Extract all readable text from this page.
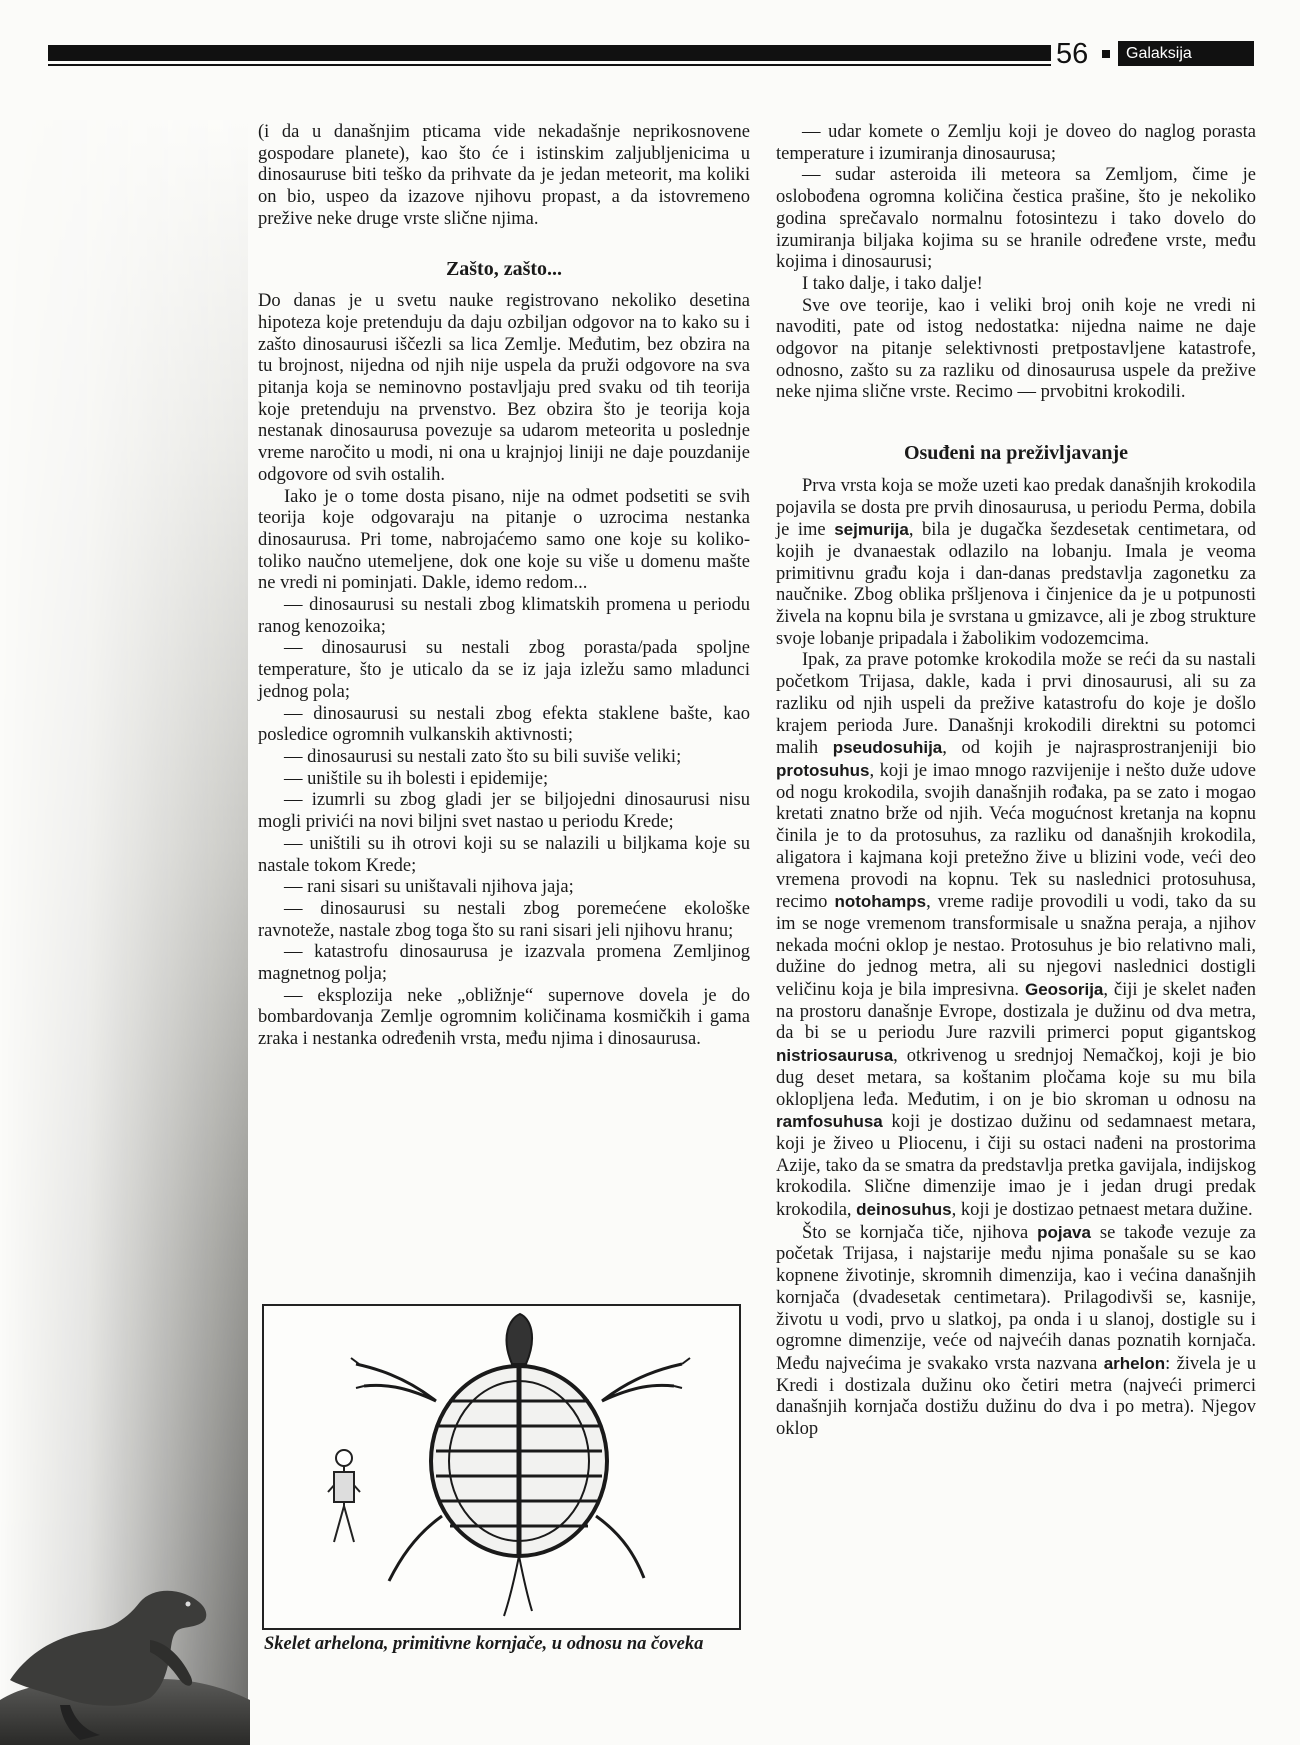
56	Galaksija

(i da u današnjim pticama vide nekadašnje neprikosnovene gospodare planete), kao što će i istinskim zaljubljenicima u dinosauruse biti teško da prihvate da je jedan meteorit, ma koliki on bio, uspeo da izazove njihovu propast, a da istovremeno preživе neke druge vrste slične njima.

Zašto, zašto...

Do danas je u svetu nauke registrovano nekoliko desetina hipoteza koje pretenduju da daju ozbiljan odgovor na to kako su i zašto dinosaurusi iščezli sa lica Zemlje. Međutim, bez obzira na tu brojnost, nijedna od njih nije uspela da pruži odgovore na sva pitanja koja se neminovno postavljaju pred svaku od tih teorija koje pretenduju na prvenstvo. Bez obzira što je teorija koja nestanak dinosaurusa povezuje sa udarom meteorita u poslednje vreme naročito u modi, ni ona u krajnjoj liniji ne daje pouzdanije odgovore od svih ostalih.

Iako je o tome dosta pisano, nije na odmet podsetiti se svih teorija koje odgovaraju na pitanje o uzrocima nestanka dinosaurusa. Pri tome, nabrojaćemo samo one koje su koliko-toliko naučno utemeljene, dok one koje su više u domenu mašte ne vredi ni pominjati. Dakle, idemo redom...

— dinosaurusi su nestali zbog klimatskih promena u periodu ranog kenozoika;

— dinosaurusi su nestali zbog porasta/pada spoljne temperature, što je uticalo da se iz jaja izležu samo mladunci jednog pola;

— dinosaurusi su nestali zbog efekta staklene bašte, kao posledice ogromnih vulkanskih aktivnosti;

— dinosaurusi su nestali zato što su bili suviše veliki;

— uništile su ih bolesti i epidemije;

— izumrli su zbog gladi jer se biljojedni dinosaurusi nisu mogli privići na novi biljni svet nastao u periodu Krede;

— uništili su ih otrovi koji su se nalazili u biljkama koje su nastale tokom Krede;

— rani sisari su uništavali njihova jaja;

— dinosaurusi su nestali zbog poremećene ekološke ravnoteže, nastale zbog toga što su rani sisari jeli njihovu hranu;

— katastrofu dinosaurusa je izazvala promena Zemljinog magnetnog polja;

— eksplozija neke „obližnje“ supernove dovela je do bombardovanja Zemlje ogromnim količinama kosmičkih i gama zraka i nestanka određenih vrsta, među njima i dinosaurusa.

Skelet arhelona, primitivne kornjače, u odnosu na čoveka

— udar komete o Zemlju koji je doveo do naglog porasta temperature i izumiranja dinosaurusa;

— sudar asteroida ili meteora sa Zemljom, čime je oslobođena ogromna količina čestica prašine, što je nekoliko godina sprečavalo normalnu fotosintezu i tako dovelo do izumiranja biljaka kojima su se hranile određene vrste, među kojima i dinosaurusi;

I tako dalje, i tako dalje!

Sve ove teorije, kao i veliki broj onih koje ne vredi ni navoditi, pate od istog nedostatka: nijedna naime ne daje odgovor na pitanje selektivnosti pretpostavljene katastrofe, odnosno, zašto su za razliku od dinosaurusa uspele da preživе neke njima slične vrste. Recimo — prvobitni krokodili.

Osuđeni na preživljavanje

Prva vrsta koja se može uzeti kao predak današnjih krokodila pojavila se dosta pre prvih dinosaurusa, u periodu Perma, dobila je ime sejmurija, bila je dugačka šezdesetak centimetara, od kojih je dvanaestak odlazilo na lobanju. Imala je veoma primitivnu građu koja i dan-danas predstavlja zagonetku za naučnike. Zbog oblika pršljenova i činjenice da je u potpunosti živela na kopnu bila je svrstana u gmizavce, ali je zbog strukture svoje lobanje pripadala i žabolikim vodozemcima.

Ipak, za prave potomke krokodila može se reći da su nastali početkom Trijasa, dakle, kada i prvi dinosaurusi, ali su za razliku od njih uspeli da prežive katastrofu do koje je došlo krajem perioda Jure. Današnji krokodili direktni su potomci malih pseudosuhija, od kojih je najrasprostranjeniji bio protosuhus, koji je imao mnogo razvijenije i nešto duže udove od nogu krokodila, svojih današnjih rođaka, pa se zato i mogao kretati znatno brže od njih. Veća mogućnost kretanja na kopnu činila je to da protosuhus, za razliku od današnjih krokodila, aligatora i kajmana koji pretežno žive u blizini vode, veći deo vremena provodi na kopnu. Tek su naslednici protosuhusa, recimo notohamps, vreme radije provodili u vodi, tako da su im se noge vremenom transformisale u snažna peraja, a njihov nekada moćni oklop je nestao. Protosuhus je bio relativno mali, dužine do jednog metra, ali su njegovi naslednici dostigli veličinu koja je bila impresivna. Geosorija, čiji je skelet nađen na prostoru današnje Evrope, dostizala je dužinu od dva metra, da bi se u periodu Jure razvili primerci poput gigantskog nistriosaurusa, otkrivenog u srednjoj Nemačkoj, koji je bio dug deset metara, sa koštanim pločama koje su mu bila oklopljena leđa. Međutim, i on je bio skroman u odnosu na ramfosuhusa koji je dostizao dužinu od sedamnaest metara, koji je živeo u Pliocenu, i čiji su ostaci nađeni na prostorima Azije, tako da se smatra da predstavlja pretka gavijala, indijskog krokodila. Slične dimenzije imao je i jedan drugi predak krokodila, deinosuhus, koji je dostizao petnaest metara dužine.

Što se kornjača tiče, njihova pojava se takođe vezuje za početak Trijasa, i najstarije među njima ponašale su se kao kopnene životinje, skromnih dimenzija, kao i većina današnjih kornjača (dvadesetak centimetara). Prilagodivši se, kasnije, životu u vodi, prvo u slatkoj, pa onda i u slanoj, dostigle su i ogromne dimenzije, veće od najvećih danas poznatih kornjača. Među najvećima je svakako vrsta nazvana arhelon: živela je u Kredi i dostizala dužinu oko četiri metra (najveći primerci današnjih kornjača dostižu dužinu do dva i po metra). Njegov oklop
